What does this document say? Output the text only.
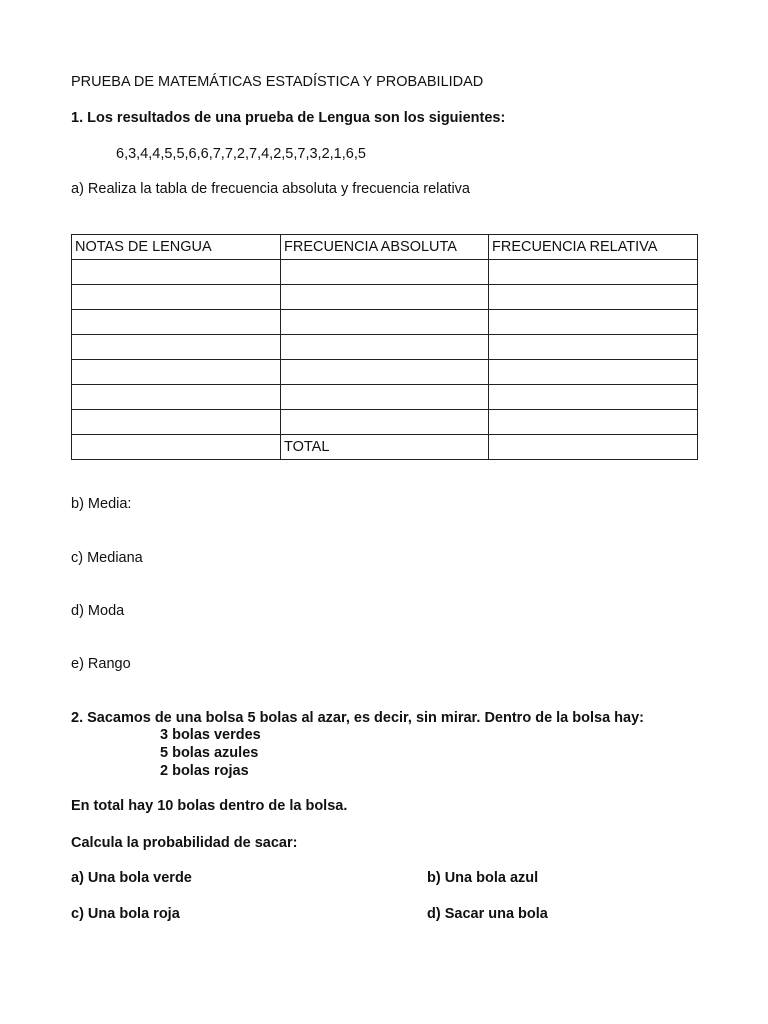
PRUEBA DE MATEMÁTICAS ESTADÍSTICA Y PROBABILIDAD
1. Los resultados de una prueba de Lengua son los siguientes:
6,3,4,4,5,5,6,6,7,7,2,7,4,2,5,7,3,2,1,6,5
a) Realiza la tabla de frecuencia absoluta y frecuencia relativa
NOTAS DE LENGUA	FRECUENCIA ABSOLUTA	FRECUENCIA RELATIVA

	TOTAL	
b) Media:
c) Mediana
d) Moda
e) Rango
2. Sacamos de una bolsa 5 bolas al azar, es decir, sin mirar. Dentro de la bolsa hay:
3 bolas verdes
5 bolas azules
2 bolas rojas
En total hay 10 bolas dentro de la bolsa.
Calcula la probabilidad de sacar:
a) Una bola verde	b) Una bola azul
c) Una bola roja	d) Sacar una bola
